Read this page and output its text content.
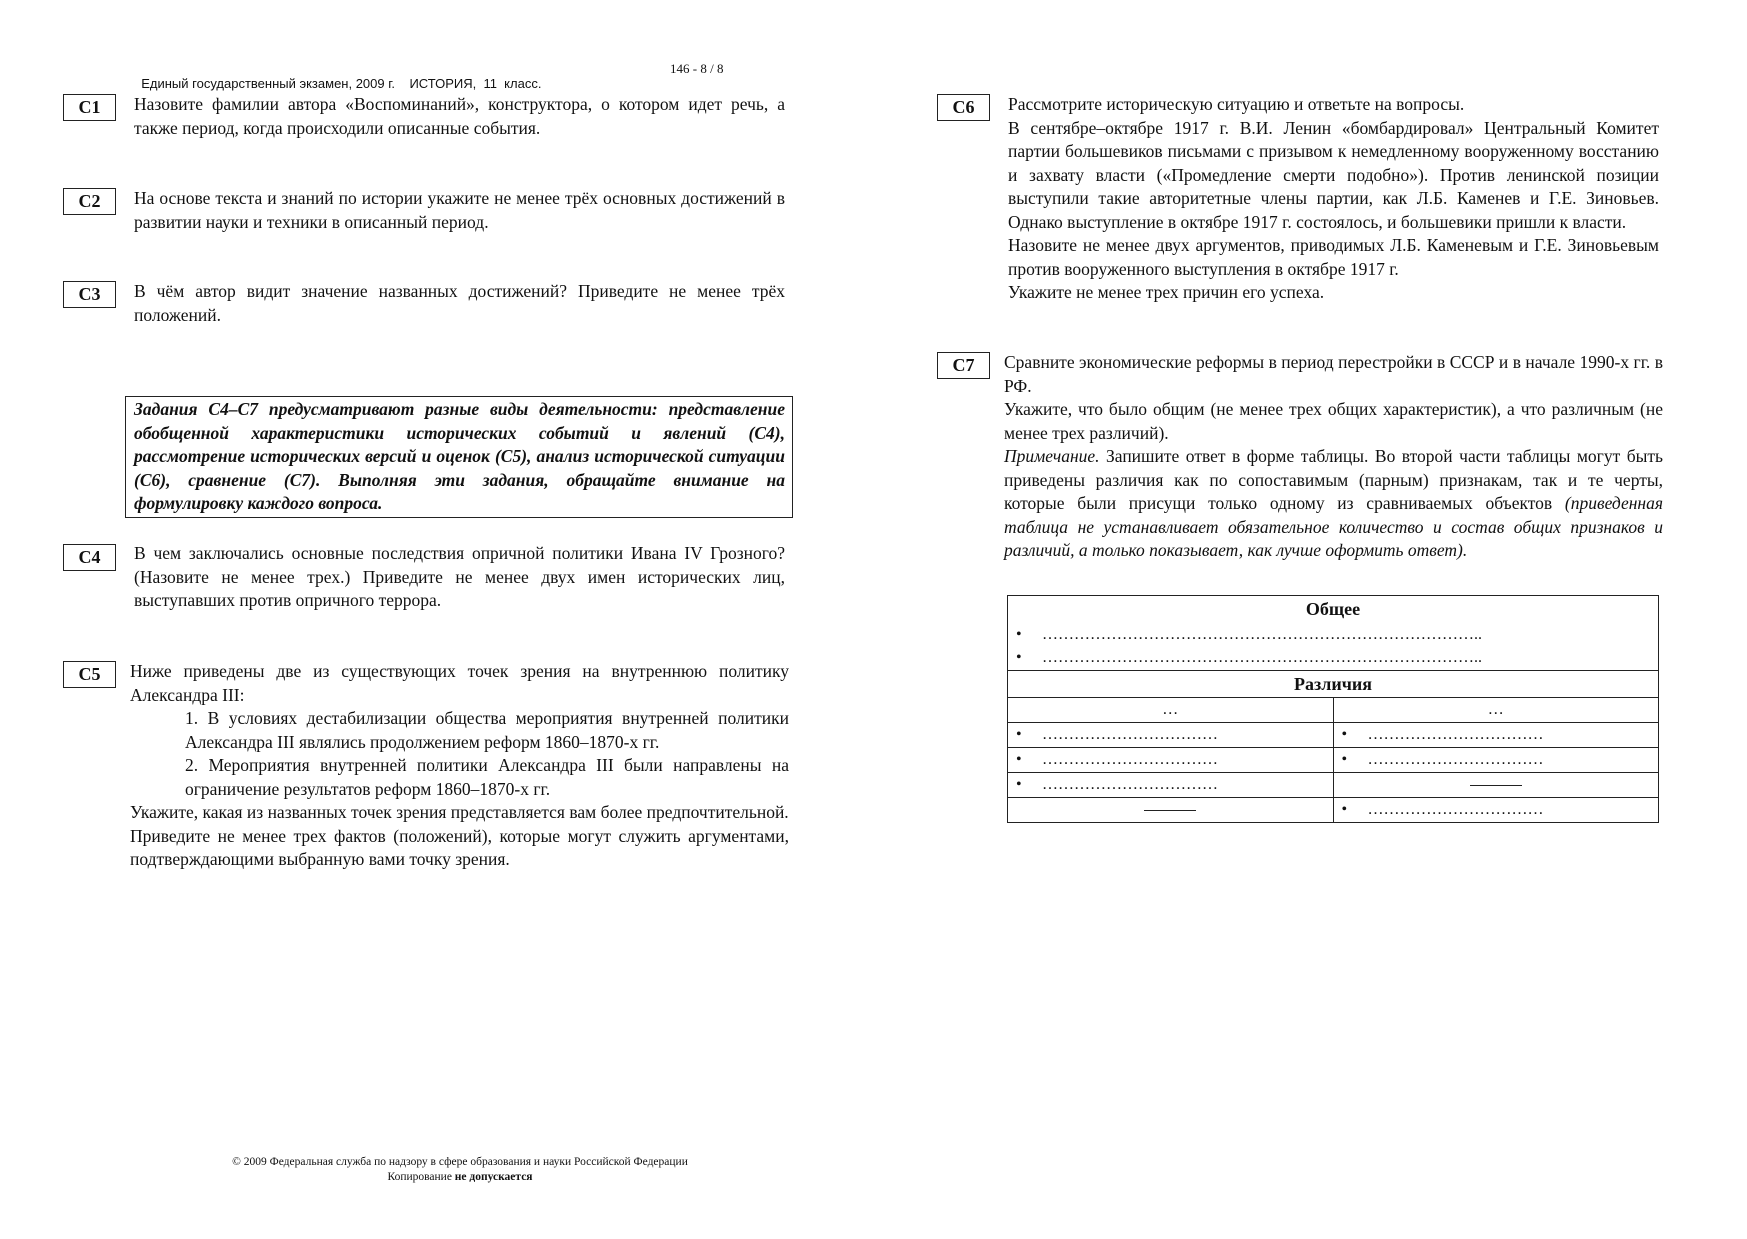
Единый государственный экзамен, 2009 г.    ИСТОРИЯ,  11  класс.

146 - 8 / 8

С1	Назовите фамилии автора «Воспоминаний», конструктора, о котором идет речь, а также период, когда происходили описанные события.
С2	На основе текста и знаний по истории укажите не менее трёх основных достижений в развитии науки и техники в описанный период.
С3	В чём автор видит значение названных достижений? Приведите не менее трёх положений.
Задания С4–С7 предусматривают разные виды деятельности: представление обобщенной характеристики исторических событий и явлений (С4), рассмотрение исторических версий и оценок (С5), анализ исторической ситуации (С6), сравнение (С7). Выполняя эти задания, обращайте внимание на формулировку каждого вопроса.
С4	В чем заключались основные последствия опричной политики Ивана IV Грозного? (Назовите не менее трех.) Приведите не менее двух имен исторических лиц, выступавших против опричного террора.
С5	Ниже приведены две из существующих точек зрения на внутреннюю политику Александра III:

1. В условиях дестабилизации общества мероприятия внутренней политики Александра III являлись продолжением реформ 1860–1870-х гг.

2. Мероприятия внутренней политики Александра III были направлены на ограничение результатов реформ 1860–1870-х гг.

Укажите, какая из названных точек зрения представляется вам более предпочтительной.

Приведите не менее трех фактов (положений), которые могут служить аргументами, подтверждающими выбранную вами точку зрения.

С6	Рассмотрите историческую ситуацию и ответьте на вопросы.

В сентябре–октябре 1917 г. В.И. Ленин «бомбардировал» Центральный Комитет партии большевиков письмами с призывом к немедленному вооруженному восстанию и захвату власти («Промедление смерти подобно»). Против ленинской позиции выступили такие авторитетные члены партии, как Л.Б. Каменев и Г.Е. Зиновьев. Однако выступление в октябре 1917 г. состоялось, и большевики пришли к власти.

Назовите не менее двух аргументов, приводимых Л.Б. Каменевым и Г.Е. Зиновьевым против вооруженного выступления в октябре 1917 г.

Укажите не менее трех причин его успеха.

С7	Сравните экономические реформы в период перестройки в СССР и в начале 1990-х гг. в РФ.

Укажите, что было общим (не менее трех общих характеристик), а что различным (не менее трех различий).

Примечание. Запишите ответ в форме таблицы. Во второй части таблицы могут быть приведены различия как по сопоставимым (парным) признакам, так и те черты, которые были присущи только одному из сравниваемых объектов (приведенная таблица не устанавливает обязательное количество и состав общих признаков и различий, а только показывает, как лучше оформить ответ).

Общее
• ………………………………………………………………………..
• ………………………………………………………………………..
Различия
…	…
• ……………………………	• ……………………………
• ……………………………	• ……………………………
• ……………………………	
	• ……………………………
© 2009 Федеральная служба по надзору в сфере образования и науки Российской Федерации
Копирование не допускается
